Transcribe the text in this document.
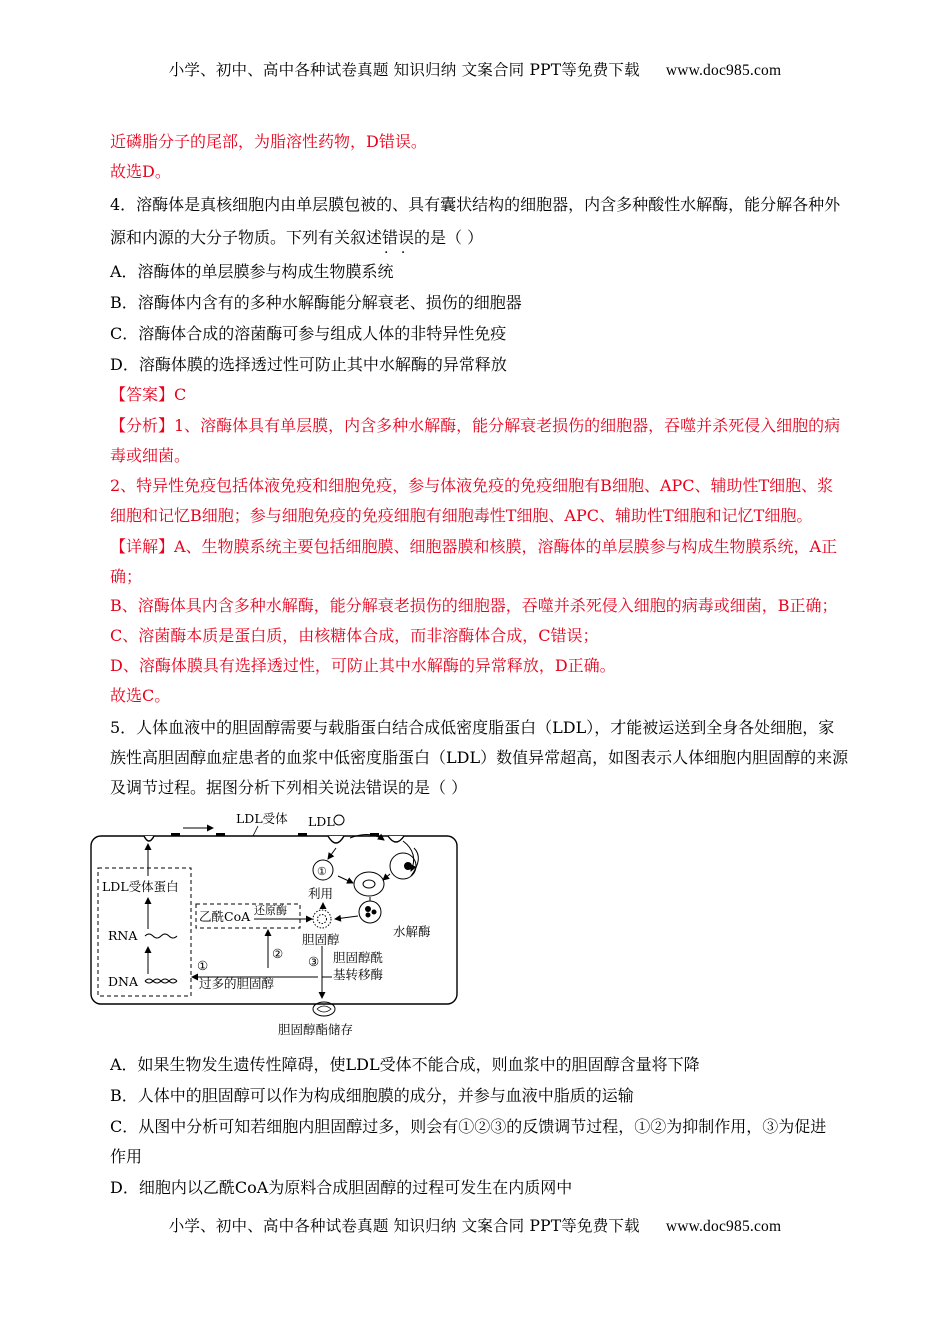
小学、初中、高中各种试卷真题 知识归纳 文案合同 PPT等免费下载 www.doc985.com
近磷脂分子的尾部，为脂溶性药物，D错误。
故选D。
4．溶酶体是真核细胞内由单层膜包被的、具有囊状结构的细胞器，内含多种酸性水解酶，能分解各种外
源和内源的大分子物质。下列有关叙述错误 · ·的是（ ）
A．溶酶体的单层膜参与构成生物膜系统
B．溶酶体内含有的多种水解酶能分解衰老、损伤的细胞器
C．溶酶体合成的溶菌酶可参与组成人体的非特异性免疫
D．溶酶体膜的选择透过性可防止其中水解酶的异常释放
【答案】C
【分析】1、溶酶体具有单层膜，内含多种水解酶，能分解衰老损伤的细胞器，吞噬并杀死侵入细胞的病
毒或细菌。
2、特异性免疫包括体液免疫和细胞免疫，参与体液免疫的免疫细胞有B细胞、APC、辅助性T细胞、浆
细胞和记忆B细胞；参与细胞免疫的免疫细胞有细胞毒性T细胞、APC、辅助性T细胞和记忆T细胞。
【详解】A、生物膜系统主要包括细胞膜、细胞器膜和核膜，溶酶体的单层膜参与构成生物膜系统，A正
确；
B、溶酶体具内含多种水解酶，能分解衰老损伤的细胞器，吞噬并杀死侵入细胞的病毒或细菌，B正确；
C、溶菌酶本质是蛋白质，由核糖体合成，而非溶酶体合成，C错误；
D、溶酶体膜具有选择透过性，可防止其中水解酶的异常释放，D正确。
故选C。
5．人体血液中的胆固醇需要与载脂蛋白结合成低密度脂蛋白（LDL），才能被运送到全身各处细胞，家
族性高胆固醇血症患者的血浆中低密度脂蛋白（LDL）数值异常超高，如图表示人体细胞内胆固醇的来源
及调节过程。据图分析下列相关说法错误的是（ ）
LDL受体 LDL
LDL受体蛋白
RNA
DNA
乙酰CoA 还原酶
胆固醇
利用
①
水解酶
①
过多的胆固醇
②
③ 胆固醇酰
基转移酶
胆固醇酯储存
A．如果生物发生遗传性障碍，使LDL受体不能合成，则血浆中的胆固醇含量将下降
B．人体中的胆固醇可以作为构成细胞膜的成分，并参与血液中脂质的运输
C．从图中分析可知若细胞内胆固醇过多，则会有①②③的反馈调节过程，①②为抑制作用，③为促进
作用
D．细胞内以乙酰CoA为原料合成胆固醇的过程可发生在内质网中
小学、初中、高中各种试卷真题 知识归纳 文案合同 PPT等免费下载 www.doc985.com
